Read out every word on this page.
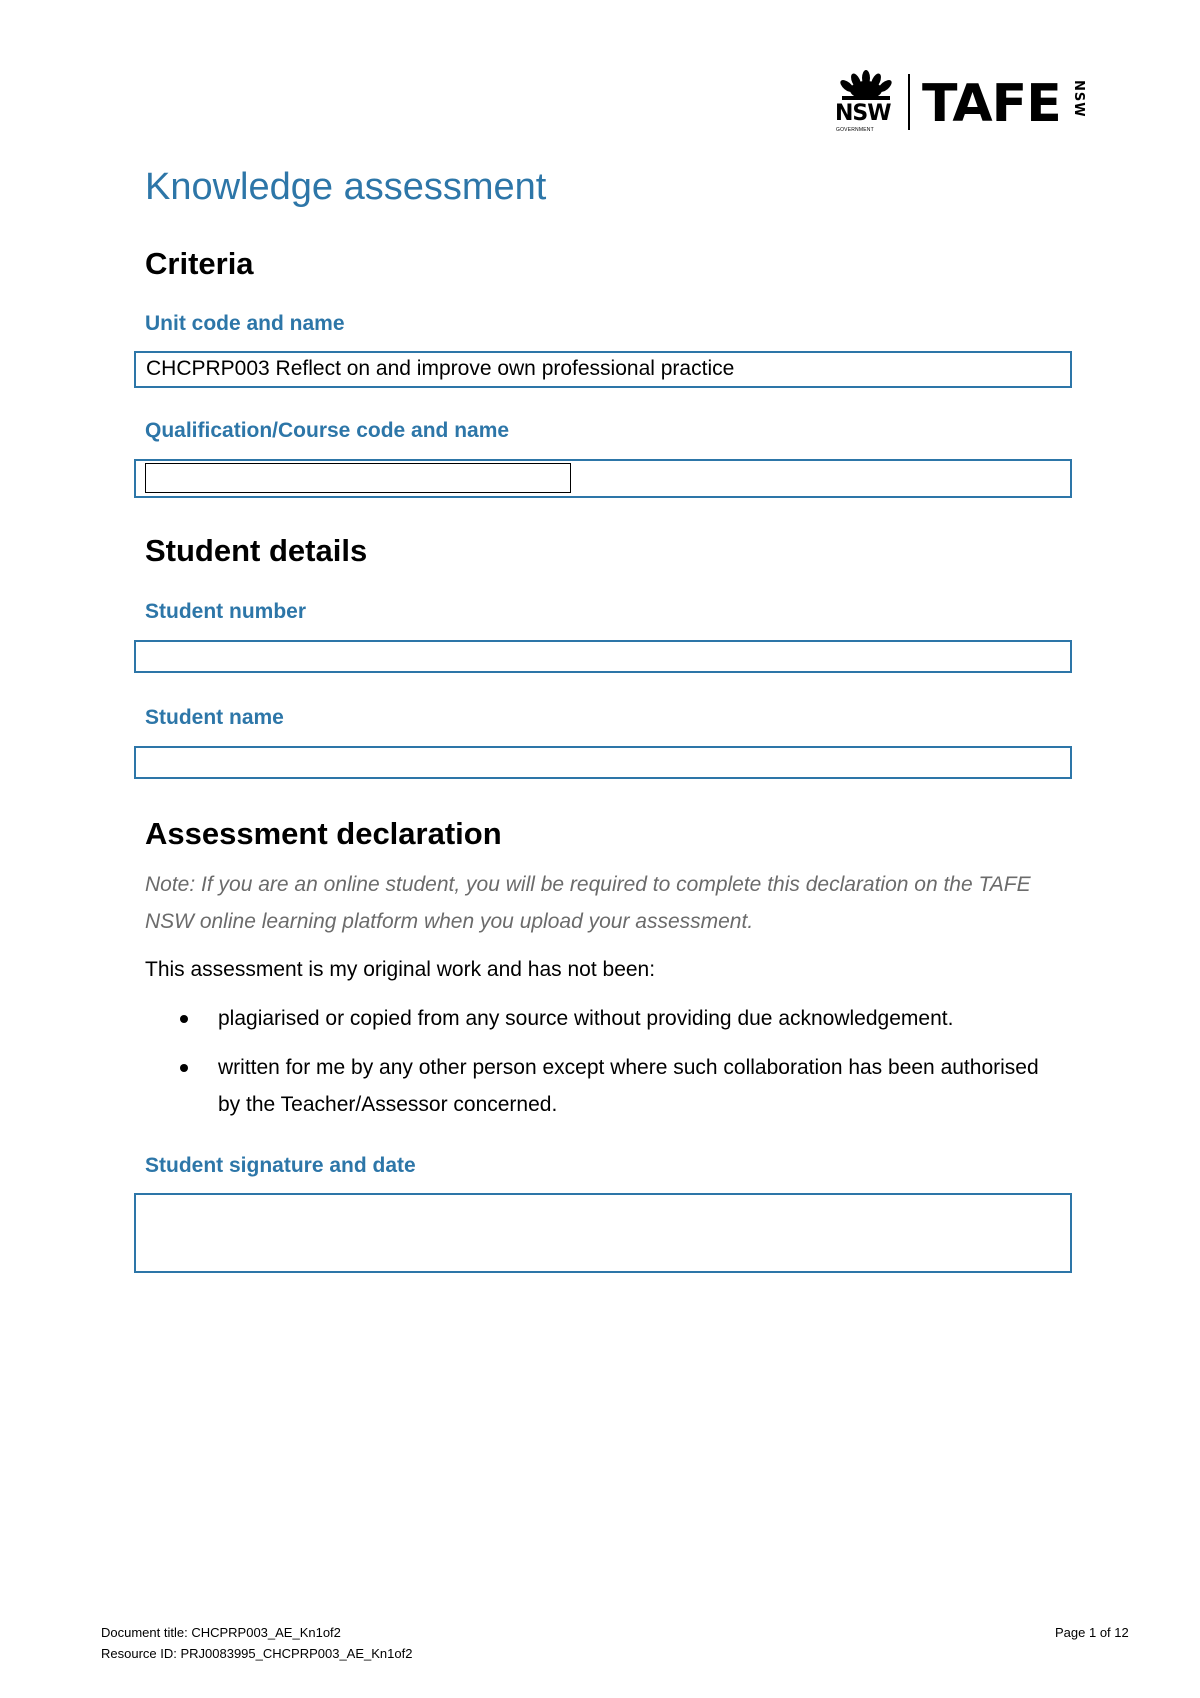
NSW
GOVERNMENT TAFE NSW
Knowledge assessment
Criteria

Unit code and name

CHCPRP003 Reflect on and improve own professional practice

Qualification/Course code and name

Student details

Student number

Student name

Assessment declaration

Note: If you are an online student, you will be required to complete this declaration on the TAFE NSW online learning platform when you upload your assessment.

This assessment is my original work and has not been:

plagiarised or copied from any source without providing due acknowledgement.
written for me by any other person except where such collaboration has been authorised by the Teacher/Assessor concerned.

Student signature and date

Document title: CHCPRP003_AE_Kn1of2
Resource ID: PRJ0083995_CHCPRP003_AE_Kn1of2
Page 1 of 12
